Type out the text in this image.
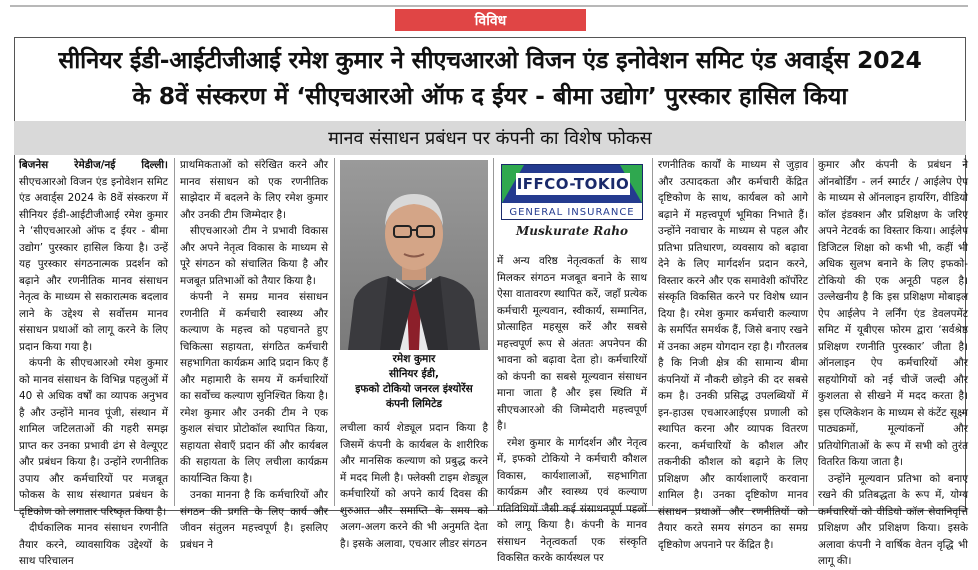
विविध
सीनियर ईडी-आईटीजीआई रमेश कुमार ने सीएचआरओ विजन एंड इनोवेशन समिट एंड अवार्ड्स 2024
के 8वें संस्करण में ‘सीएचआरओ ऑफ द ईयर - बीमा उद्योग’ पुरस्कार हासिल किया
मानव संसाधन प्रबंधन पर कंपनी का विशेष फोकस

बिजनेस रेमेडीज/नई दिल्ली। सीएचआरओ विजन एंड इनोवेशन समिट एंड अवार्ड्स 2024 के 8वें संस्करण में सीनियर ईडी-आईटीजीआई रमेश कुमार ने ‘सीएचआरओ ऑफ द ईयर - बीमा उद्योग’ पुरस्कार हासिल किया है। उन्हें यह पुरस्कार संगठनात्मक प्रदर्शन को बढ़ाने और रणनीतिक मानव संसाधन नेतृत्व के माध्यम से सकारात्मक बदलाव लाने के उद्देश्य से सर्वोत्तम मानव संसाधन प्रथाओं को लागू करने के लिए प्रदान किया गया है।

कंपनी के सीएचआरओ रमेश कुमार को मानव संसाधन के विभिन्न पहलुओं में 40 से अधिक वर्षों का व्यापक अनुभव है और उन्होंने मानव पूंजी, संस्थान में शामिल जटिलताओं की गहरी समझ प्राप्त कर उनका प्रभावी ढंग से वेल्यूएट और प्रबंधन किया है। उन्होंने रणनीतिक उपाय और कर्मचारियों पर मजबूत फोकस के साथ संस्थागत प्रबंधन के दृष्टिकोण को लगातार परिष्कृत किया है।

दीर्घकालिक मानव संसाधन रणनीति तैयार करने, व्यावसायिक उद्देश्यों के साथ परिचालन

प्राथमिकताओं को संरेखित करने और मानव संसाधन को एक रणनीतिक साझेदार में बदलने के लिए रमेश कुमार और उनकी टीम जिम्मेदार है।

सीएचआरओ टीम ने प्रभावी विकास और अपने नेतृत्व विकास के माध्यम से पूरे संगठन को संचालित किया है और मजबूत प्रतिभाओं को तैयार किया है।

कंपनी ने समग्र मानव संसाधन रणनीति में कर्मचारी स्वास्थ्य और कल्याण के महत्त्व को पहचानते हुए चिकित्सा सहायता, संगठित कर्मचारी सहभागिता कार्यक्रम आदि प्रदान किए हैं और महामारी के समय में कर्मचारियों का सर्वोच्च कल्याण सुनिश्चित किया है। रमेश कुमार और उनकी टीम ने एक कुशल संचार प्रोटोकॉल स्थापित किया, सहायता सेवाएँ प्रदान कीं और कार्यबल की सहायता के लिए लचीला कार्यक्रम कार्यान्वित किया है।

उनका मानना है कि कर्मचारियों और संगठन की प्रगति के लिए कार्य और जीवन संतुलन महत्त्वपूर्ण है। इसलिए प्रबंधन ने

रमेश कुमार
सीनियर ईडी,
इफको टोकियो जनरल इंश्योरेंस
कंपनी लिमिटेड

लचीला कार्य शेड्यूल प्रदान किया है जिसमें कंपनी के कार्यबल के शारीरिक और मानसिक कल्याण को प्रबुद्ध करने में मदद मिली है। फ्लेक्सी टाइम शेड्यूल कर्मचारियों को अपने कार्य दिवस की शुरुआत और समाप्ति के समय को अलग-अलग करने की भी अनुमति देता है। इसके अलावा, एचआर लीडर संगठन

IFFCO-TOKIO
GENERAL INSURANCE
Muskurate Raho

में अन्य वरिष्ठ नेतृत्वकर्ता के साथ मिलकर संगठन मजबूत बनाने के साथ ऐसा वातावरण स्थापित करें, जहाँ प्रत्येक कर्मचारी मूल्यवान, स्वीकार्य, सम्मानित, प्रोत्साहित महसूस करें और सबसे महत्त्वपूर्ण रूप से अंततः अपनेपन की भावना को बढ़ावा देता हो। कर्मचारियों को कंपनी का सबसे मूल्यवान संसाधन माना जाता है और इस स्थिति में सीएचआरओ की जिम्मेदारी महत्त्वपूर्ण है।

रमेश कुमार के मार्गदर्शन और नेतृत्व में, इफको टोकियो ने कर्मचारी कौशल विकास, कार्यशालाओं, सहभागिता कार्यक्रम और स्वास्थ्य एवं कल्याण गतिविधियों जैसी कई संसाधनपूर्ण पहलों को लागू किया है। कंपनी के मानव संसाधन नेतृत्वकर्ता एक संस्कृति विकसित करके कार्यस्थल पर

रणनीतिक कार्यों के माध्यम से जुड़ाव और उत्पादकता और कर्मचारी केंद्रित दृष्टिकोण के साथ, कार्यबल को आगे बढ़ाने में महत्त्वपूर्ण भूमिका निभाते हैं। उन्होंने नवाचार के माध्यम से पहल और प्रतिभा प्रतिधारण, व्यवसाय को बढ़ावा देने के लिए मार्गदर्शन प्रदान करने, विस्तार करने और एक समावेशी कॉर्पोरेट संस्कृति विकसित करने पर विशेष ध्यान दिया है। रमेश कुमार कर्मचारी कल्याण के समर्पित समर्थक हैं, जिसे बनाए रखने में उनका अहम योगदान रहा है। गौरतलब है कि निजी क्षेत्र की सामान्य बीमा कंपनियों में नौकरी छोड़ने की दर सबसे कम है। उनकी प्रसिद्ध उपलब्धियों में इन-हाउस एचआरआईएस प्रणाली को स्थापित करना और व्यापक वितरण करना, कर्मचारियों के कौशल और तकनीकी कौशल को बढ़ाने के लिए प्रशिक्षण और कार्यशालाएँ करवाना शामिल है। उनका दृष्टिकोण मानव संसाधन प्रथाओं और रणनीतियों को तैयार करते समय संगठन का समग्र दृष्टिकोण अपनाने पर केंद्रित है।

कुमार और कंपनी के प्रबंधन ने ऑनबोर्डिंग - लर्न स्मार्टर / आईलेप ऐप के माध्यम से ऑनलाइन हायरिंग, वीडियो कॉल इंडक्शन और प्रशिक्षण के जरिए अपने नेटवर्क का विस्तार किया। आईलेप डिजिटल शिक्षा को कभी भी, कहीं भी अधिक सुलभ बनाने के लिए इफको-टोकियो की एक अनूठी पहल है। उल्लेखनीय है कि इस प्रशिक्षण मोबाइल ऐप आईलेप ने लर्निंग एंड डेवलपमेंट समिट में यूबीएस फोरम द्वारा ‘सर्वश्रेष्ठ प्रशिक्षण रणनीति पुरस्कार’ जीता है। ऑनलाइन ऐप कर्मचारियों और सहयोगियों को नई चीजें जल्दी और कुशलता से सीखने में मदद करता है। इस एप्लिकेशन के माध्यम से कंटेंट सूक्ष्म पाठ्यक्रमों, मूल्यांकनों और प्रतियोगिताओं के रूप में सभी को तुरंत वितरित किया जाता है।

उन्होंने मूल्यवान प्रतिभा को बनाए रखने की प्रतिबद्धता के रूप में, योग्य कर्मचारियों को वीडियो कॉल सेवानिवृत्ति प्रशिक्षण और प्रशिक्षण किया। इसके अलावा कंपनी ने वार्षिक वेतन वृद्धि भी लागू की।
